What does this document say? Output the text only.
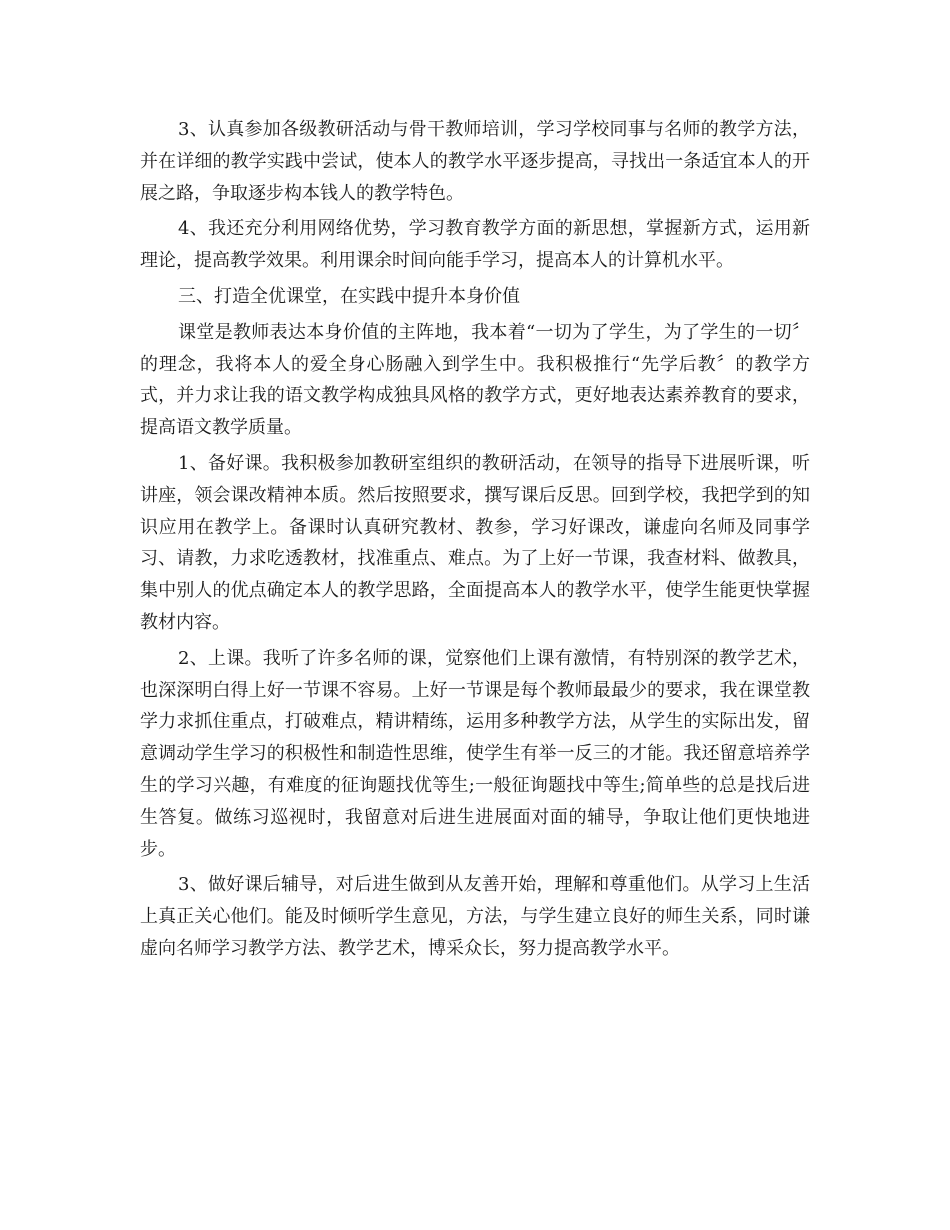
3、认真参加各级教研活动与骨干教师培训，学习学校同事与名师的教学方法，并在详细的教学实践中尝试，使本人的教学水平逐步提高，寻找出一条适宜本人的开展之路，争取逐步构本钱人的教学特色。

4、我还充分利用网络优势，学习教育教学方面的新思想，掌握新方式，运用新理论，提高教学效果。利用课余时间向能手学习，提高本人的计算机水平。

三、打造全优课堂，在实践中提升本身价值

课堂是教师表达本身价值的主阵地，我本着“一切为了学生，为了学生的一切〞的理念，我将本人的爱全身心肠融入到学生中。我积极推行“先学后教〞的教学方式，并力求让我的语文教学构成独具风格的教学方式，更好地表达素养教育的要求，提高语文教学质量。

1、备好课。我积极参加教研室组织的教研活动，在领导的指导下进展听课，听讲座，领会课改精神本质。然后按照要求，撰写课后反思。回到学校，我把学到的知识应用在教学上。备课时认真研究教材、教参，学习好课改，谦虚向名师及同事学习、请教，力求吃透教材，找准重点、难点。为了上好一节课，我查材料、做教具，集中别人的优点确定本人的教学思路，全面提高本人的教学水平，使学生能更快掌握教材内容。

2、上课。我听了许多名师的课，觉察他们上课有激情，有特别深的教学艺术，也深深明白得上好一节课不容易。上好一节课是每个教师最最少的要求，我在课堂教学力求抓住重点，打破难点，精讲精练，运用多种教学方法，从学生的实际出发，留意调动学生学习的积极性和制造性思维，使学生有举一反三的才能。我还留意培养学生的学习兴趣，有难度的征询题找优等生;一般征询题找中等生;简单些的总是找后进生答复。做练习巡视时，我留意对后进生进展面对面的辅导，争取让他们更快地进步。

3、做好课后辅导，对后进生做到从友善开始，理解和尊重他们。从学习上生活上真正关心他们。能及时倾听学生意见，方法，与学生建立良好的师生关系，同时谦虚向名师学习教学方法、教学艺术，博采众长，努力提高教学水平。
